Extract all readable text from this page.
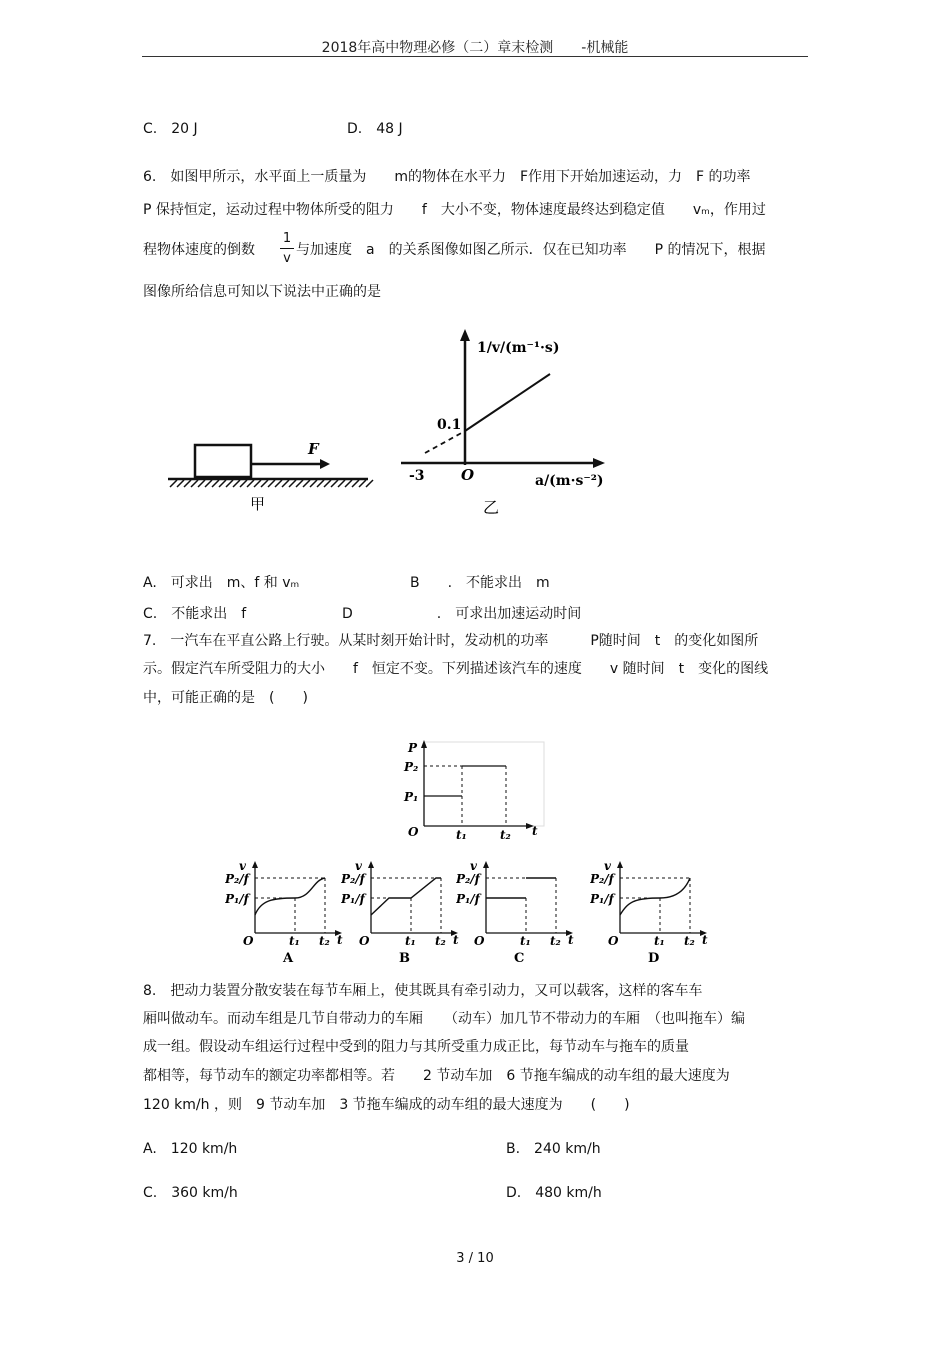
2018年高中物理必修（二）章末检测　　-机械能
C.　20 J	D.　48 J
6.　如图甲所示，水平面上一质量为　　m的物体在水平力　F作用下开始加速运动，力　F 的功率
P 保持恒定，运动过程中物体所受的阻力　　f　大小不变，物体速度最终达到稳定值　　vₘ，作用过
程物体速度的倒数
1
v
与加速度　a　的关系图像如图乙所示．仅在已知功率　　P 的情况下，根据
图像所给信息可知以下说法中正确的是
F
甲
1/v/(m⁻¹·s)
a/(m·s⁻²)
O
0.1
-3
乙
A.　可求出　m、f 和 vₘ	B　　.　不能求出　m
C.　不能求出　f	D　　　　　　.　可求出加速运动时间
7.　一汽车在平直公路上行驶。从某时刻开始计时，发动机的功率　　　P随时间　t　的变化如图所
示。假定汽车所受阻力的大小　　f　恒定不变。下列描述该汽车的速度　　v 随时间　t　变化的图线
中，可能正确的是　(　　)
P
P₂
P₁
O	t₁	t₂ t
v
P₂/f
P₁/f
O	t₁ t₂ t
A
v
P₂/f
P₁/f
O	t₁ t₂ t
B
v
P₂/f
P₁/f
O	t₁ t₂ t
C
v
P₂/f
P₁/f
O	t₁ t₂ t
D
8.　把动力装置分散安装在每节车厢上，使其既具有牵引动力，又可以载客，这样的客车车
厢叫做动车。而动车组是几节自带动力的车厢　　（动车）加几节不带动力的车厢　（也叫拖车）编
成一组。假设动车组运行过程中受到的阻力与其所受重力成正比，每节动车与拖车的质量
都相等，每节动车的额定功率都相等。若　　2 节动车加　6 节拖车编成的动车组的最大速度为
120 km/h ，则　9 节动车加　3 节拖车编成的动车组的最大速度为　　(　　)
A.　120 km/h	B.　240 km/h
C.　360 km/h	D.　480 km/h
3 / 10
